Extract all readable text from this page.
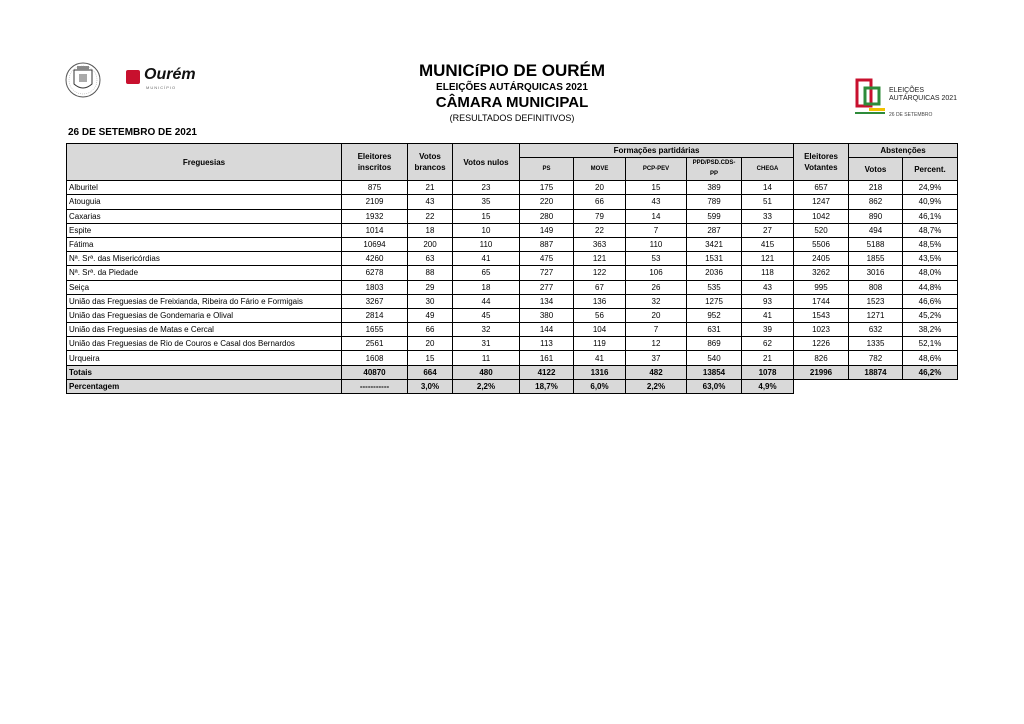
Ourém
MUNICÍPIO	ELEIÇÕES
AUTÁRQUICAS 2021
26 DE SETEMBRO
MUNICíPIO DE OURÉM
ELEIÇÕES AUTÁRQUICAS 2021
CÂMARA MUNICIPAL
(RESULTADOS DEFINITIVOS)
26 DE SETEMBRO DE 2021
Freguesias	Eleitores inscritos	Votos brancos	Votos nulos	Formações partidárias					Eleitores Votantes	Abstenções	
				PS	MOVE	PCP-PEV	PPD/PSD.CDS-PP	CHEGA		Votos	Percent.
Alburitel	875	21	23	175	20	15	389	14	657	218	24,9%
Atouguia	2109	43	35	220	66	43	789	51	1247	862	40,9%
Caxarias	1932	22	15	280	79	14	599	33	1042	890	46,1%
Espite	1014	18	10	149	22	7	287	27	520	494	48,7%
Fátima	10694	200	110	887	363	110	3421	415	5506	5188	48,5%
Nª. Srª. das Misericórdias	4260	63	41	475	121	53	1531	121	2405	1855	43,5%
Nª. Srª. da Piedade	6278	88	65	727	122	106	2036	118	3262	3016	48,0%
Seiça	1803	29	18	277	67	26	535	43	995	808	44,8%
União das Freguesias de Freixianda, Ribeira do Fário e Formigais	3267	30	44	134	136	32	1275	93	1744	1523	46,6%
União das Freguesias de Gondemaria e Olival	2814	49	45	380	56	20	952	41	1543	1271	45,2%
União das Freguesias de Matas e Cercal	1655	66	32	144	104	7	631	39	1023	632	38,2%
União das Freguesias de Rio de Couros e Casal dos Bernardos	2561	20	31	113	119	12	869	62	1226	1335	52,1%
Urqueira	1608	15	11	161	41	37	540	21	826	782	48,6%
Totais	40870	664	480	4122	1316	482	13854	1078	21996	18874	46,2%
Percentagem	-----------	3,0%	2,2%	18,7%	6,0%	2,2%	63,0%	4,9%			
